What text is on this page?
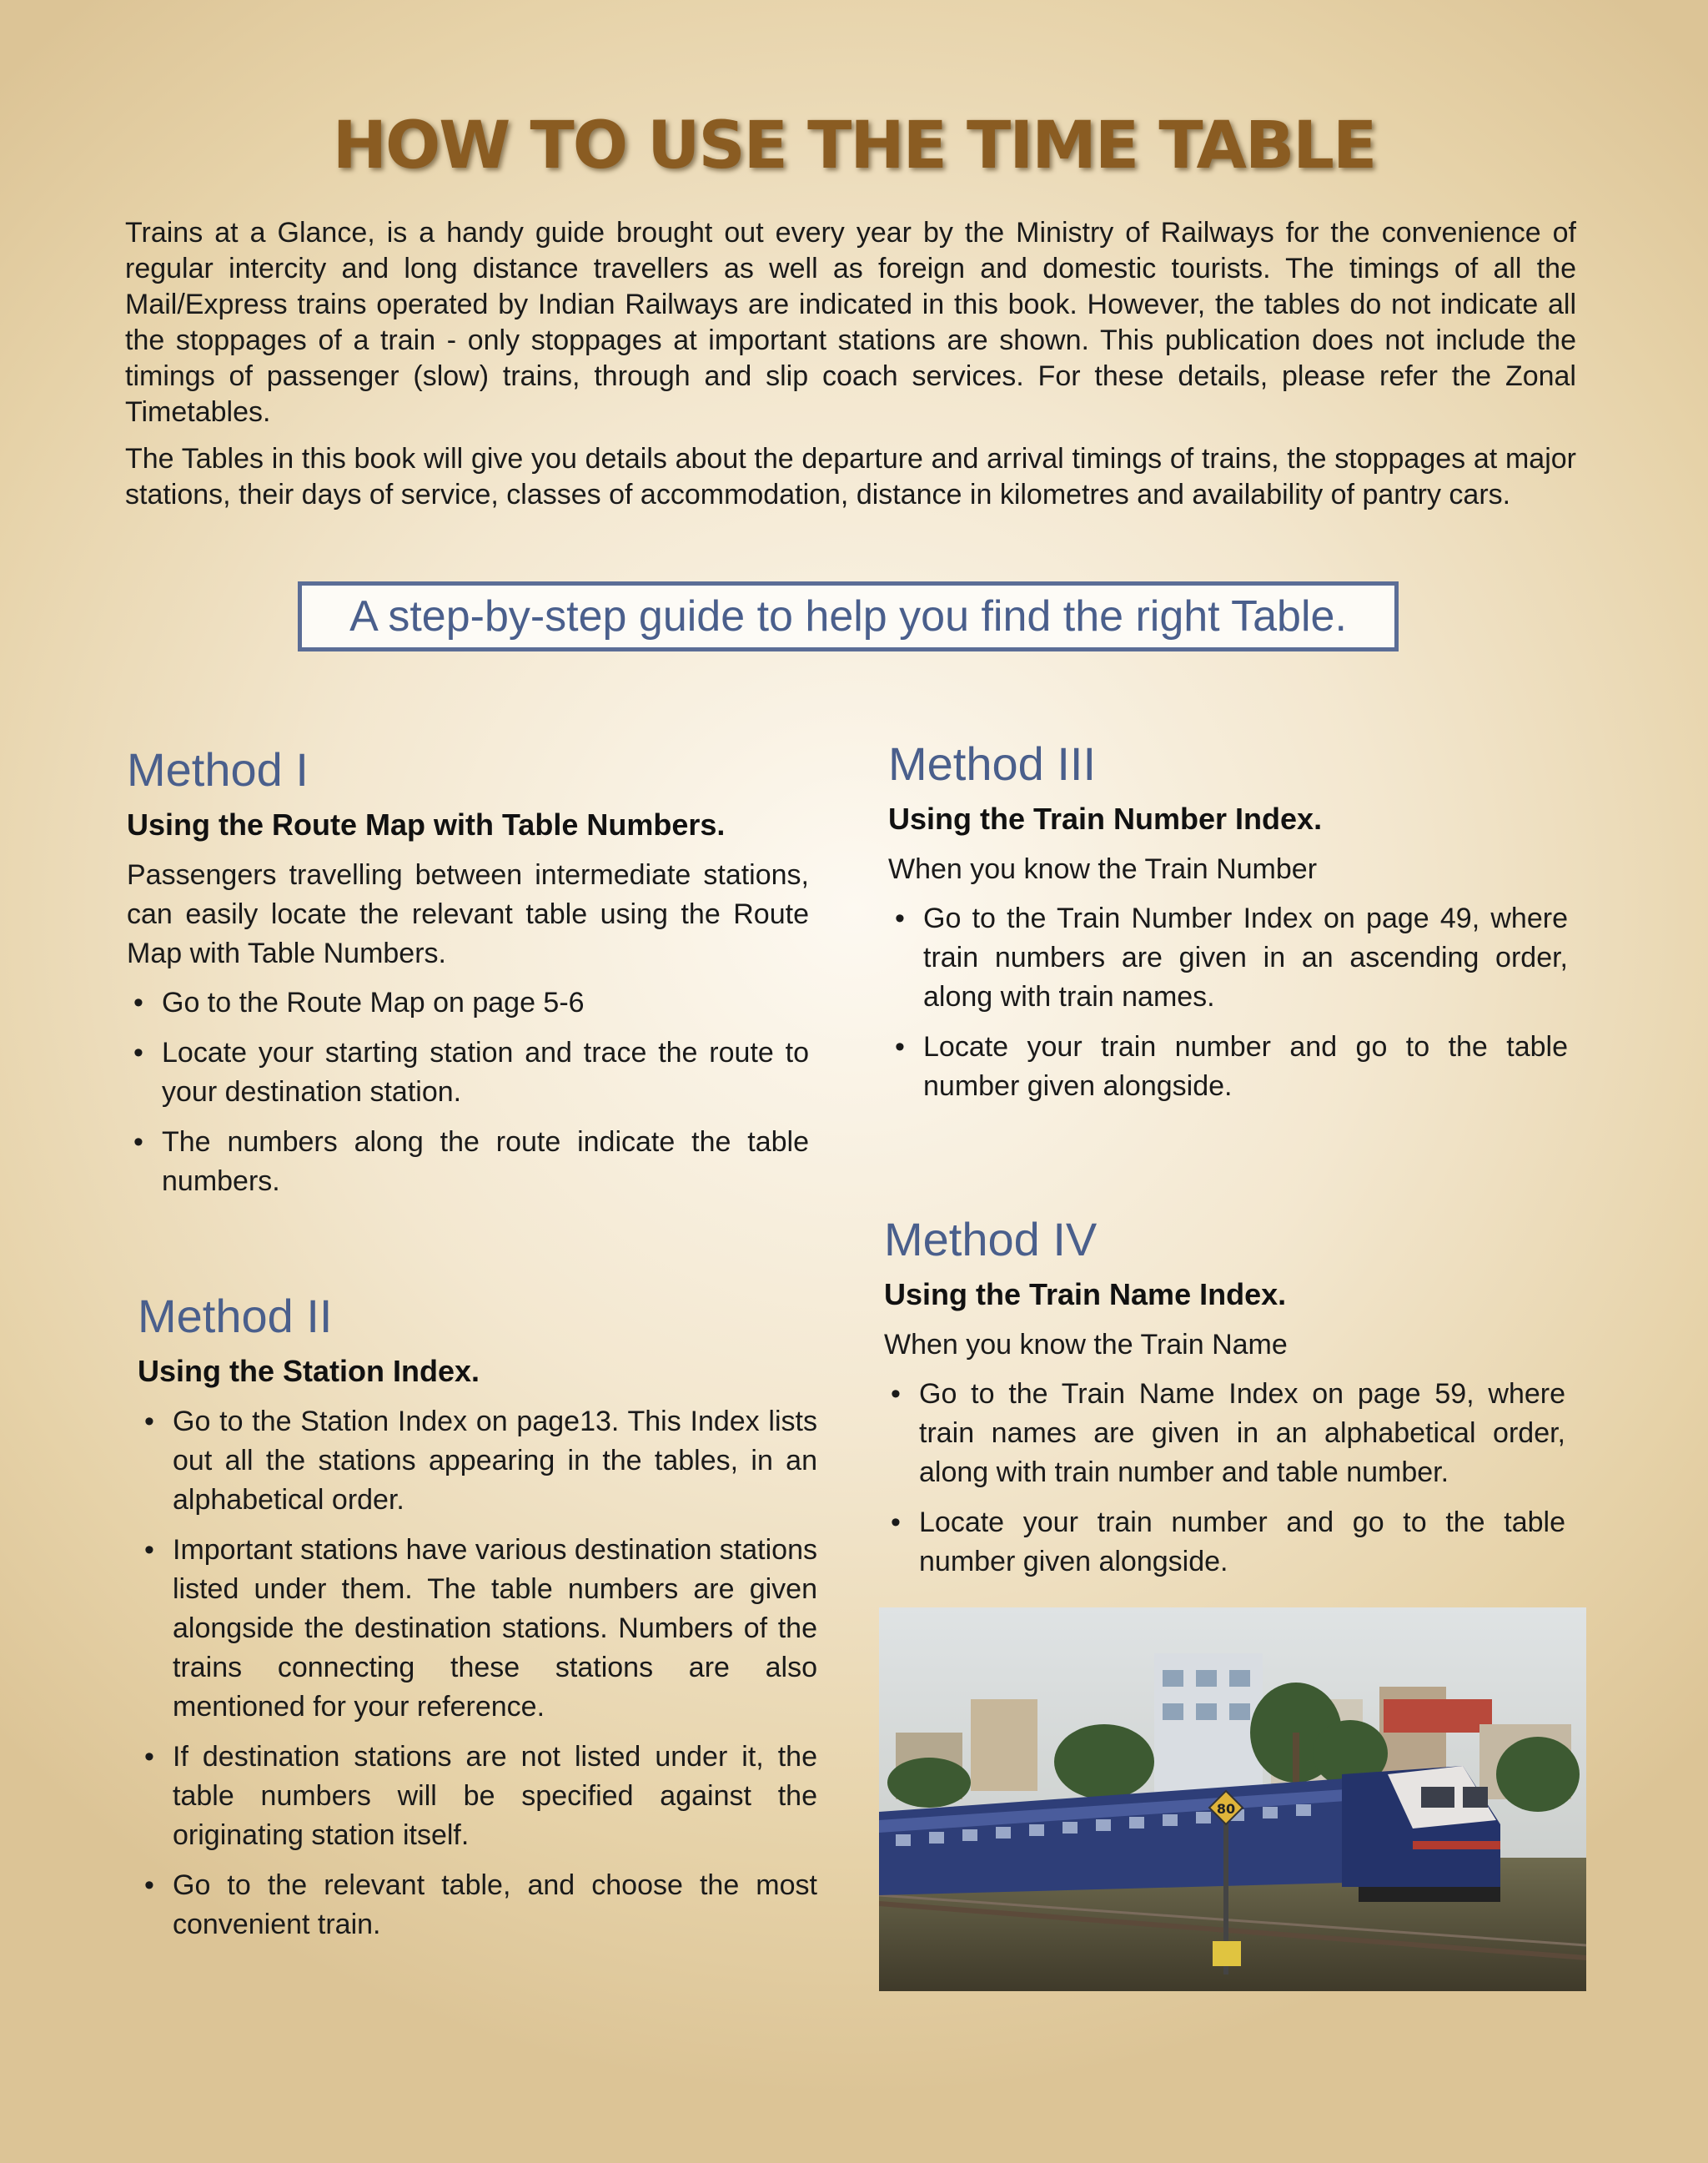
HOW TO USE THE TIME TABLE

Trains at a Glance, is a handy guide brought out every year by the Ministry of Railways for the convenience of regular intercity and long distance travellers as well as foreign and domestic tourists. The timings of all the Mail/Express trains operated by Indian Railways are indicated in this book. However, the tables do not indicate all the stoppages of a train - only stoppages at important stations are shown. This publication does not include the timings of passenger (slow) trains, through and slip coach services. For these details, please refer the Zonal Timetables.

The Tables in this book will give you details about the departure and arrival timings of trains, the stoppages at major stations, their days of service, classes of accommodation, distance in kilometres and availability of pantry cars.

A step-by-step guide to help you find the right Table.
Method I
Using the Route Map with Table Numbers.

Passengers travelling between intermediate stations, can easily locate the relevant table using the Route Map with Table Numbers.

• Go to the Route Map on page 5-6
• Locate your starting station and trace the route to your destination station.
• The numbers along the route indicate the table numbers.
Method II
Using the Station Index.
• Go to the Station Index on page13. This Index lists out all the stations appearing in the tables, in an alphabetical order.
• Important stations have various destination stations listed under them. The table numbers are given alongside the destination stations. Numbers of the trains connecting these stations are also mentioned for your reference.
• If destination stations are not listed under it, the table numbers will be specified against the originating station itself.
• Go to the relevant table, and choose the most convenient train.
Method III
Using the Train Number Index.

When you know the Train Number

• Go to the Train Number Index on page 49, where train numbers are given in an ascending order, along with train names.
• Locate your train number and go to the table number given alongside.
Method IV
Using the Train Name Index.

When you know the Train Name

• Go to the Train Name Index on page 59, where train names are given in an alphabetical order, along with train number and table number.
• Locate your train number and go to the table number given alongside.
80
